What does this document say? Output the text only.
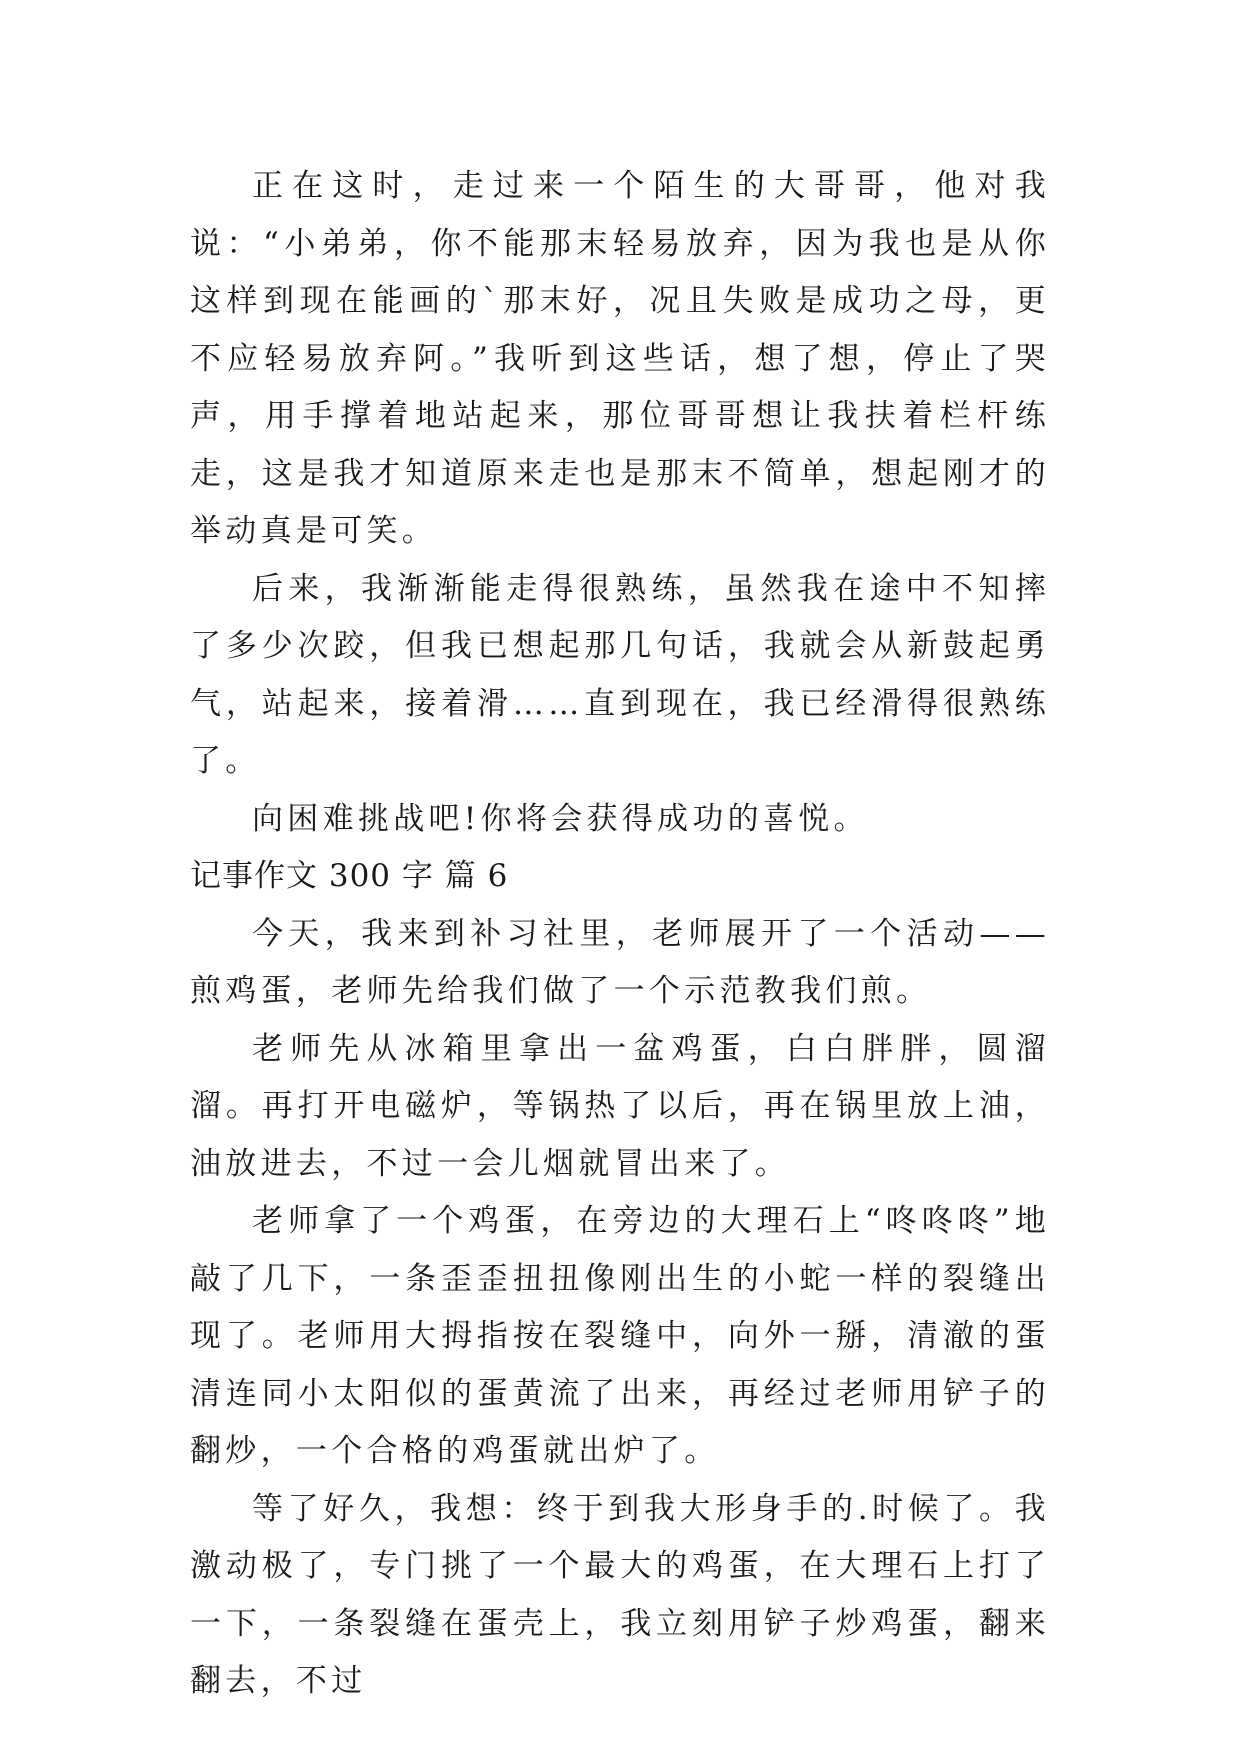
正在这时，走过来一个陌生的大哥哥，他对我说：“小弟弟，你不能那末轻易放弃，因为我也是从你这样到现在能画的`那末好，况且失败是成功之母，更不应轻易放弃阿。”我听到这些话，想了想，停止了哭声，用手撑着地站起来，那位哥哥想让我扶着栏杆练走，这是我才知道原来走也是那末不简单，想起刚才的举动真是可笑。

后来，我渐渐能走得很熟练，虽然我在途中不知摔了多少次跤，但我已想起那几句话，我就会从新鼓起勇气，站起来，接着滑……直到现在，我已经滑得很熟练了。

向困难挑战吧!你将会获得成功的喜悦。

记事作文 300 字 篇 6

今天，我来到补习社里，老师展开了一个活动——煎鸡蛋，老师先给我们做了一个示范教我们煎。

老师先从冰箱里拿出一盆鸡蛋，白白胖胖，圆溜溜。再打开电磁炉，等锅热了以后，再在锅里放上油，油放进去，不过一会儿烟就冒出来了。

老师拿了一个鸡蛋，在旁边的大理石上“咚咚咚”地敲了几下，一条歪歪扭扭像刚出生的小蛇一样的裂缝出现了。老师用大拇指按在裂缝中，向外一掰，清澈的蛋清连同小太阳似的蛋黄流了出来，再经过老师用铲子的翻炒，一个合格的鸡蛋就出炉了。

等了好久，我想：终于到我大形身手的.时候了。我激动极了，专门挑了一个最大的鸡蛋，在大理石上打了一下，一条裂缝在蛋壳上，我立刻用铲子炒鸡蛋，翻来翻去，不过
